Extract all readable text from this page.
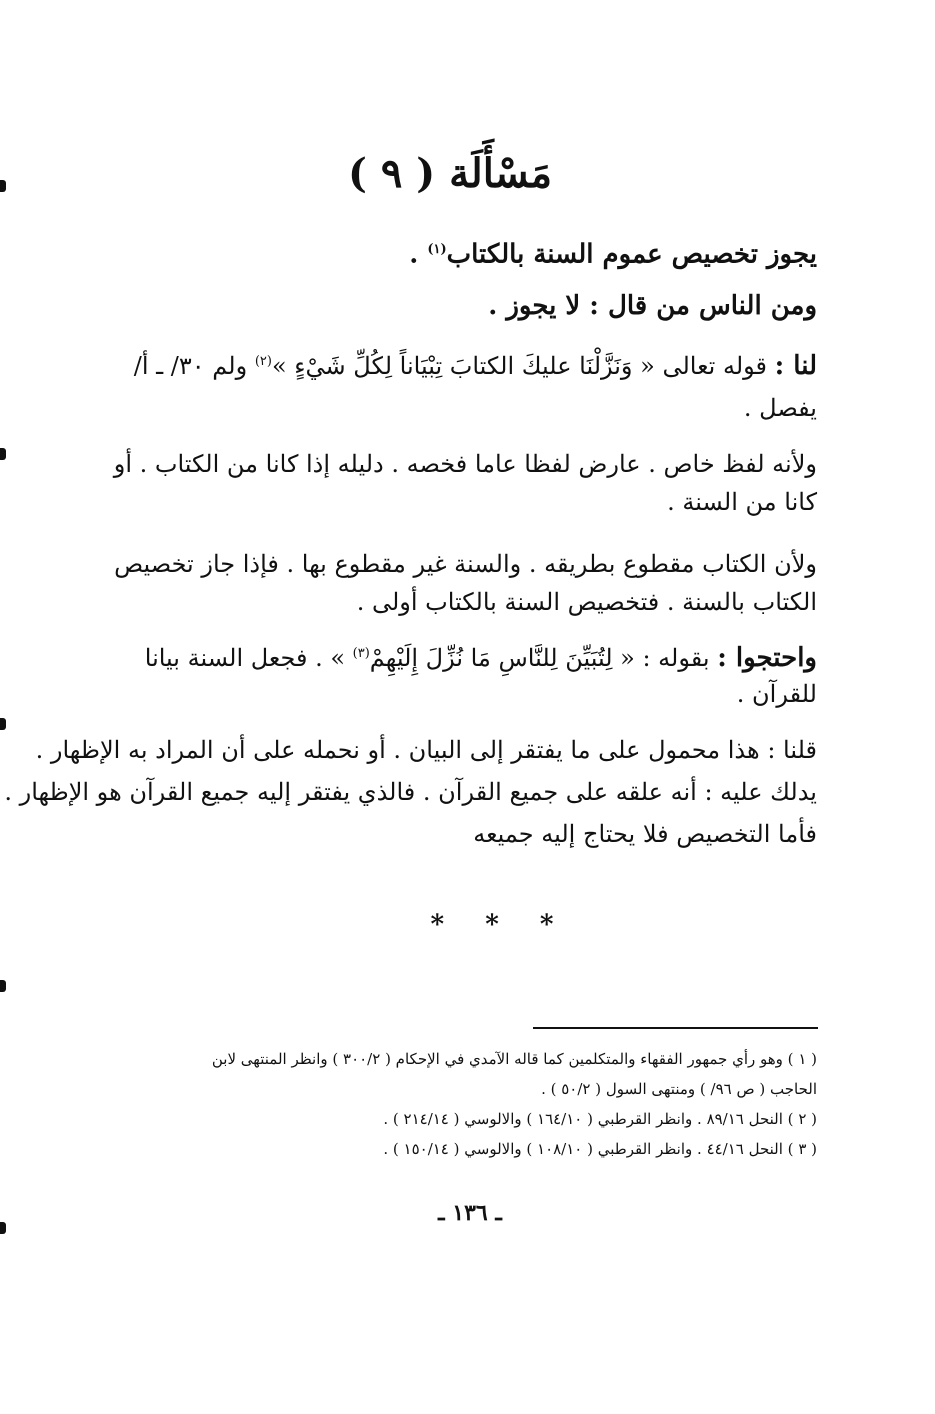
مَسْأَلَة ( ٩ )
يجوز تخصيص عموم السنة بالكتاب$^{(١)}$ .
ومن الناس من قال : لا يجوز .
لنا : قوله تعالى « وَنَزَّلْنَا عليكَ الكتابَ تِبْيَاناً لِكُلِّ شَيْءٍ »$^{(٢)}$ ولم ٣٠/ ـ أ/
يفصل .
ولأنه لفظ خاص . عارض لفظا عاما فخصه . دليله إذا كانا من الكتاب . أو
كانا من السنة .
ولأن الكتاب مقطوع بطريقه . والسنة غير مقطوع بها . فإذا جاز تخصيص
الكتاب بالسنة . فتخصيص السنة بالكتاب أولى .
واحتجوا : بقوله : « لِتُبَيِّنَ لِلنَّاسِ مَا نُزِّلَ إِلَيْهِمْ$^{(٣)}$ » . فجعل السنة بيانا
للقرآن .
قلنا : هذا محمول على ما يفتقر إلى البيان . أو نحمله على أن المراد به الإظهار .
يدلك عليه : أنه علقه على جميع القرآن . فالذي يفتقر إليه جميع القرآن هو الإظهار .
فأما التخصيص فلا يحتاج إليه جميعه
* * *
( ١ ) وهو رأي جمهور الفقهاء والمتكلمين كما قاله الآمدي في الإحكام ( ٣٠٠/٢ ) وانظر المنتهى لابن
الحاجب ( ص ٩٦/ ) ومنتهى السول ( ٥٠/٢ ) .
( ٢ ) النحل ٨٩/١٦ . وانظر القرطبي ( ١٦٤/١٠ ) والالوسي ( ٢١٤/١٤ ) .
( ٣ ) النحل ٤٤/١٦ . وانظر القرطبي ( ١٠٨/١٠ ) والالوسي ( ١٥٠/١٤ ) .
ـ ١٣٦ ـ
